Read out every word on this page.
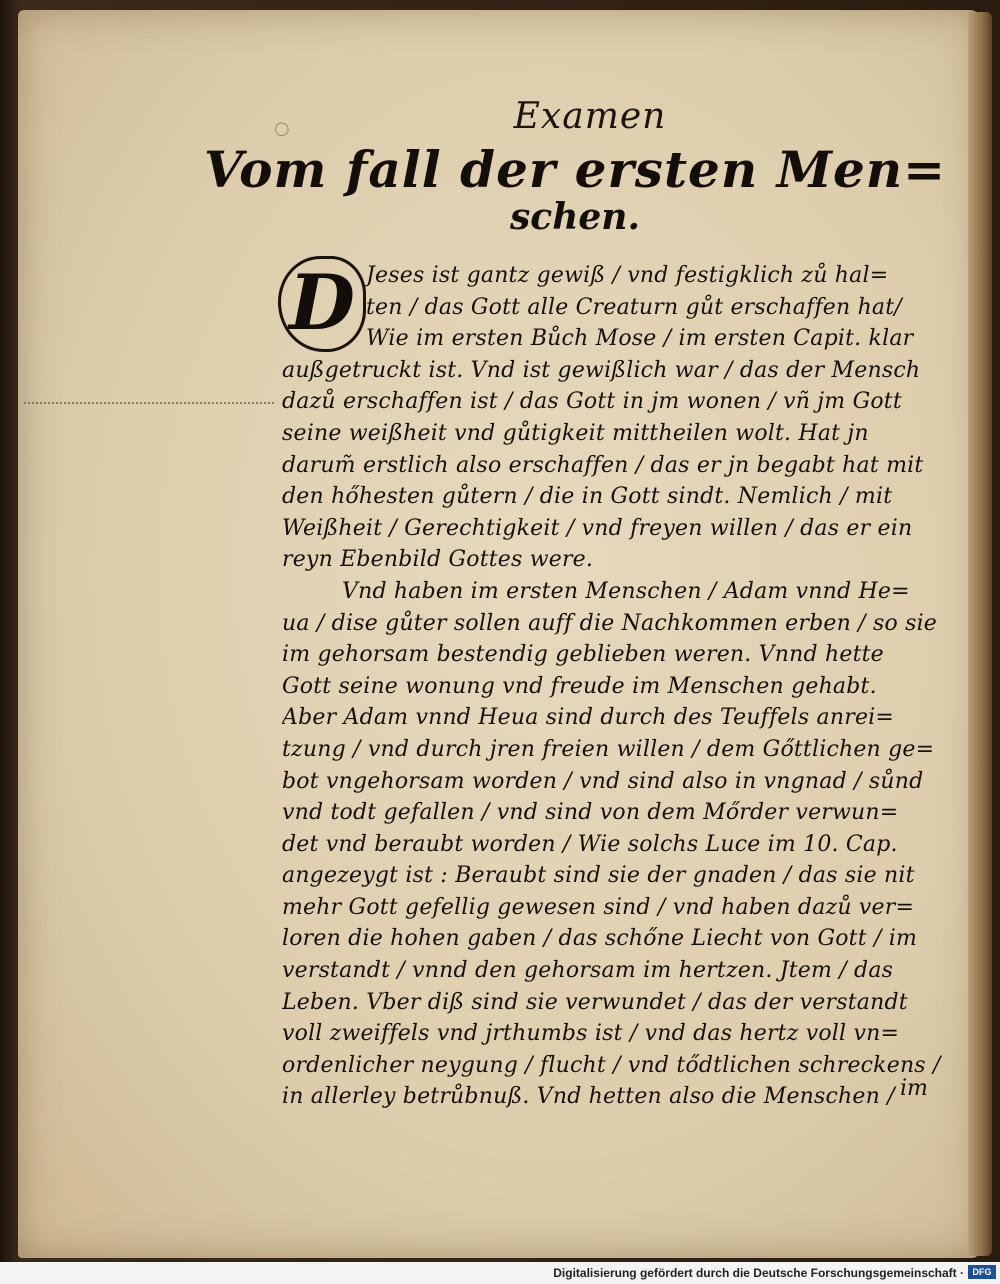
○	Examen
Vom fall der ersten Men=
schen.
D Jeses ist gantz gewiß / vnd festigklich zů hal=
ten / das Gott alle Creaturn gůt erschaffen hat/
Wie im ersten Bůch Mose / im ersten Capit. klar
außgetruckt ist. Vnd ist gewißlich war / das der Mensch
dazů erschaffen ist / das Gott in jm wonen / vñ jm Gott
seine weißheit vnd gůtigkeit mittheilen wolt. Hat jn
darum̃ erstlich also erschaffen / das er jn begabt hat mit
den hőhesten gůtern / die in Gott sindt. Nemlich / mit
Weißheit / Gerechtigkeit / vnd freyen willen / das er ein
reyn Ebenbild Gottes were.
Vnd haben im ersten Menschen / Adam vnnd He=
ua / dise gůter sollen auff die Nachkommen erben / so sie
im gehorsam bestendig geblieben weren. Vnnd hette
Gott seine wonung vnd freude im Menschen gehabt.
Aber Adam vnnd Heua sind durch des Teuffels anrei=
tzung / vnd durch jren freien willen / dem Gőttlichen ge=
bot vngehorsam worden / vnd sind also in vngnad / sůnd
vnd todt gefallen / vnd sind von dem Mőrder verwun=
det vnd beraubt worden / Wie solchs Luce im 10. Cap.
angezeygt ist : Beraubt sind sie der gnaden / das sie nit
mehr Gott gefellig gewesen sind / vnd haben dazů ver=
loren die hohen gaben / das schőne Liecht von Gott / im
verstandt / vnnd den gehorsam im hertzen. Jtem / das
Leben. Vber diß sind sie verwundet / das der verstandt
voll zweiffels vnd jrthumbs ist / vnd das hertz voll vn=
ordenlicher neygung / flucht / vnd tődtlichen schreckens /
in allerley betrůbnuß. Vnd hetten also die Menschen / im
Digitalisierung gefördert durch die Deutsche Forschungsgemeinschaft · DFG
